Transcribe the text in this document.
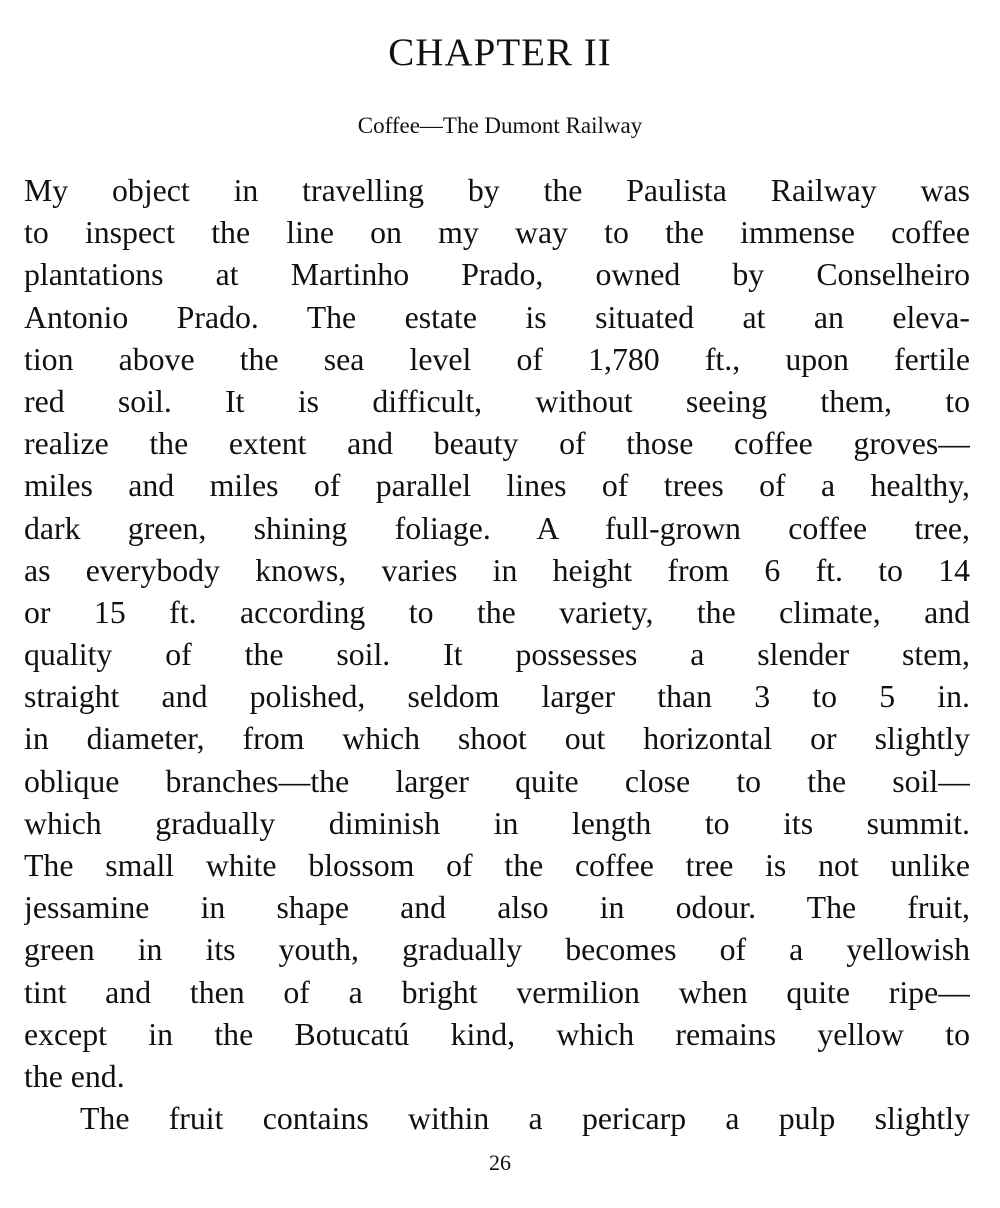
CHAPTER II
Coffee—The Dumont Railway
My object in travelling by the Paulista Railway was
to inspect the line on my way to the immense coffee
plantations at Martinho Prado, owned by Conselheiro
Antonio Prado. The estate is situated at an eleva-
tion above the sea level of 1,780 ft., upon fertile
red soil. It is difficult, without seeing them, to
realize the extent and beauty of those coffee groves—
miles and miles of parallel lines of trees of a healthy,
dark green, shining foliage. A full-grown coffee tree,
as everybody knows, varies in height from 6 ft. to 14
or 15 ft. according to the variety, the climate, and
quality of the soil. It possesses a slender stem,
straight and polished, seldom larger than 3 to 5 in.
in diameter, from which shoot out horizontal or slightly
oblique branches—the larger quite close to the soil—
which gradually diminish in length to its summit.
The small white blossom of the coffee tree is not unlike
jessamine in shape and also in odour. The fruit,
green in its youth, gradually becomes of a yellowish
tint and then of a bright vermilion when quite ripe—
except in the Botucatú kind, which remains yellow to
the end.
The fruit contains within a pericarp a pulp slightly
26
